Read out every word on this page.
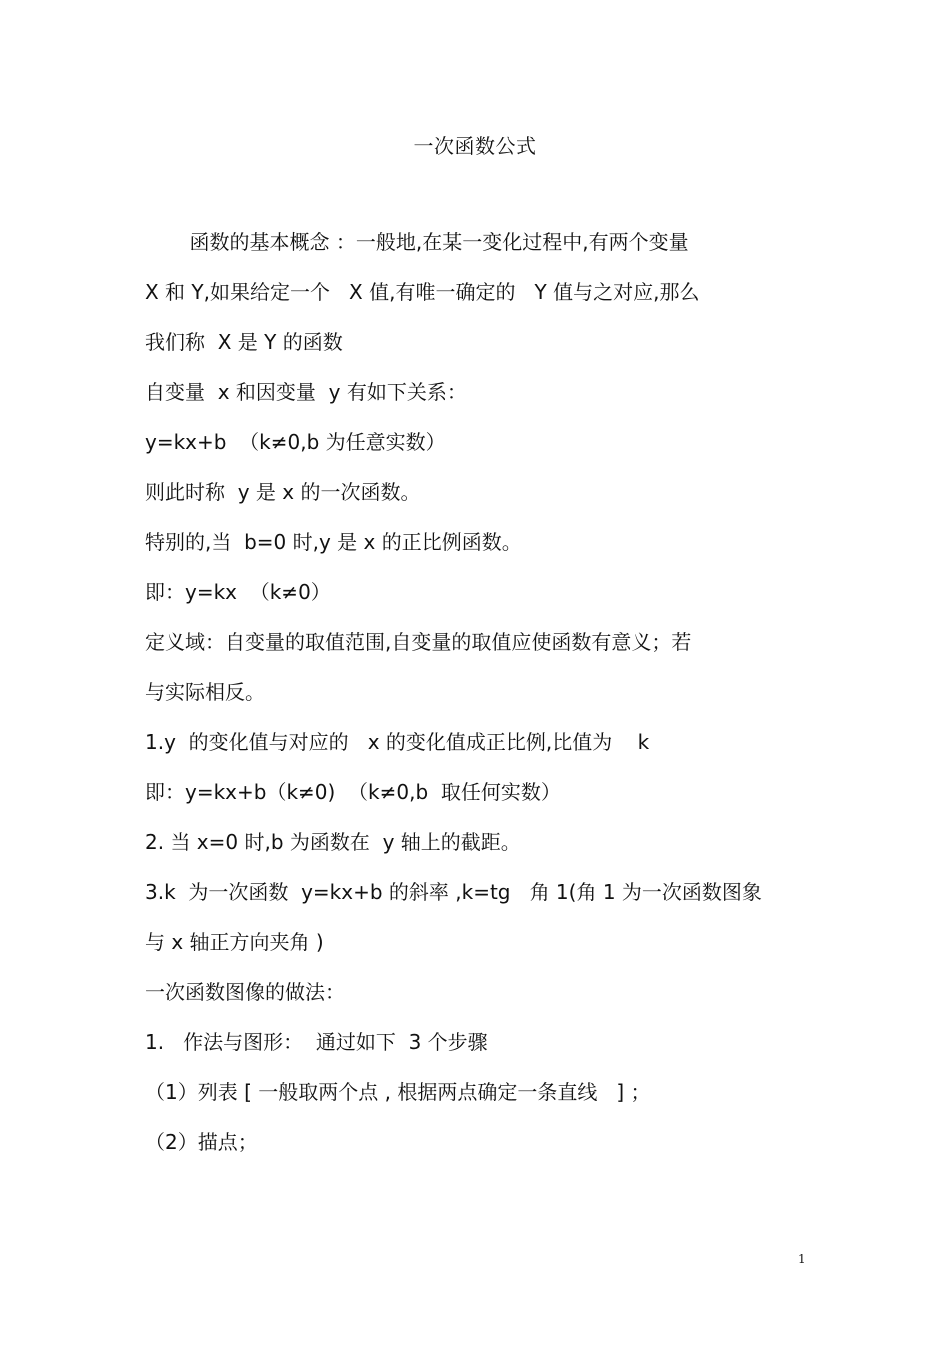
一次函数公式
函数的基本概念 ：一般地,在某一变化过程中,有两个变量
X 和 Y,如果给定一个   X 值,有唯一确定的   Y 值与之对应,那么
我们称  X 是 Y 的函数
自变量  x 和因变量  y 有如下关系：
y=kx+b  （k≠0,b 为任意实数）
则此时称  y 是 x 的一次函数。
特别的,当  b=0 时,y 是 x 的正比例函数。
即：y=kx  （k≠0）
定义域：自变量的取值范围,自变量的取值应使函数有意义；若
与实际相反。
1.y  的变化值与对应的   x 的变化值成正比例,比值为    k
即：y=kx+b（k≠0)  （k≠0,b  取任何实数）
2. 当 x=0 时,b 为函数在  y 轴上的截距。
3.k  为一次函数  y=kx+b 的斜率 ,k=tg   角 1(角 1 为一次函数图象
与 x 轴正方向夹角 )
一次函数图像的做法：
1.   作法与图形：  通过如下  3 个步骤
（1）列表 [ 一般取两个点 , 根据两点确定一条直线   ] ；
（2）描点；
1
